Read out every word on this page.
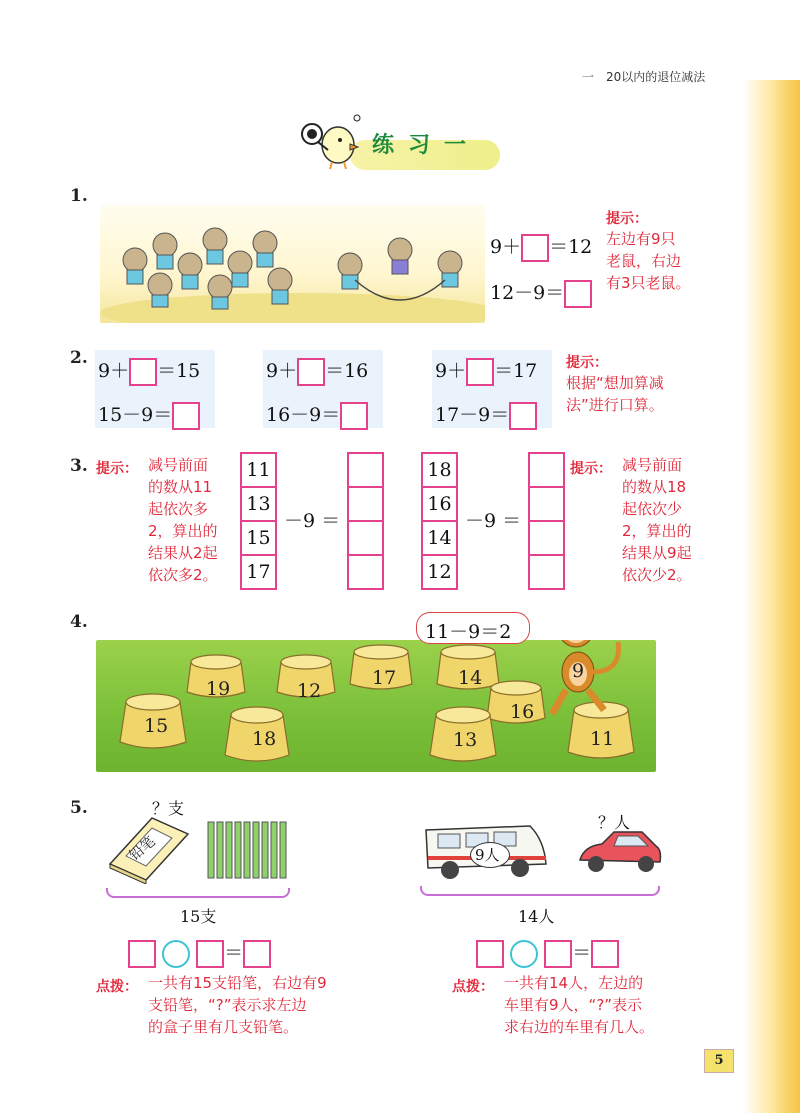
一　20以内的退位减法
练习一
1.
9＋ ＝12
12－9＝
提示：
左边有9只
老鼠，右边
有3只老鼠。
2.
9＋ ＝15
15－9＝
9＋ ＝16
16－9＝
9＋ ＝17
17－9＝
提示：
根据“想加算减
法”进行口算。
3. 提示： 减号前面
的数从11
起依次多
2，算出的
结果从2起
依次多2。
11
13
15
17
－9 ＝
18
16
14
12
－9 ＝
提示： 减号前面
的数从18
起依次少
2，算出的
结果从9起
依次少2。
4.	11－9＝2
9
19	12
17	14
15
18
16
13	11
5.	？支
铅笔
15支
＝
点拨： 一共有15支铅笔，右边有9
支铅笔，“?”表示求左边
的盒子里有几支铅笔。
9人
？人
14人
＝
点拨： 一共有14人，左边的
车里有9人，“?”表示
求右边的车里有几人。
5
